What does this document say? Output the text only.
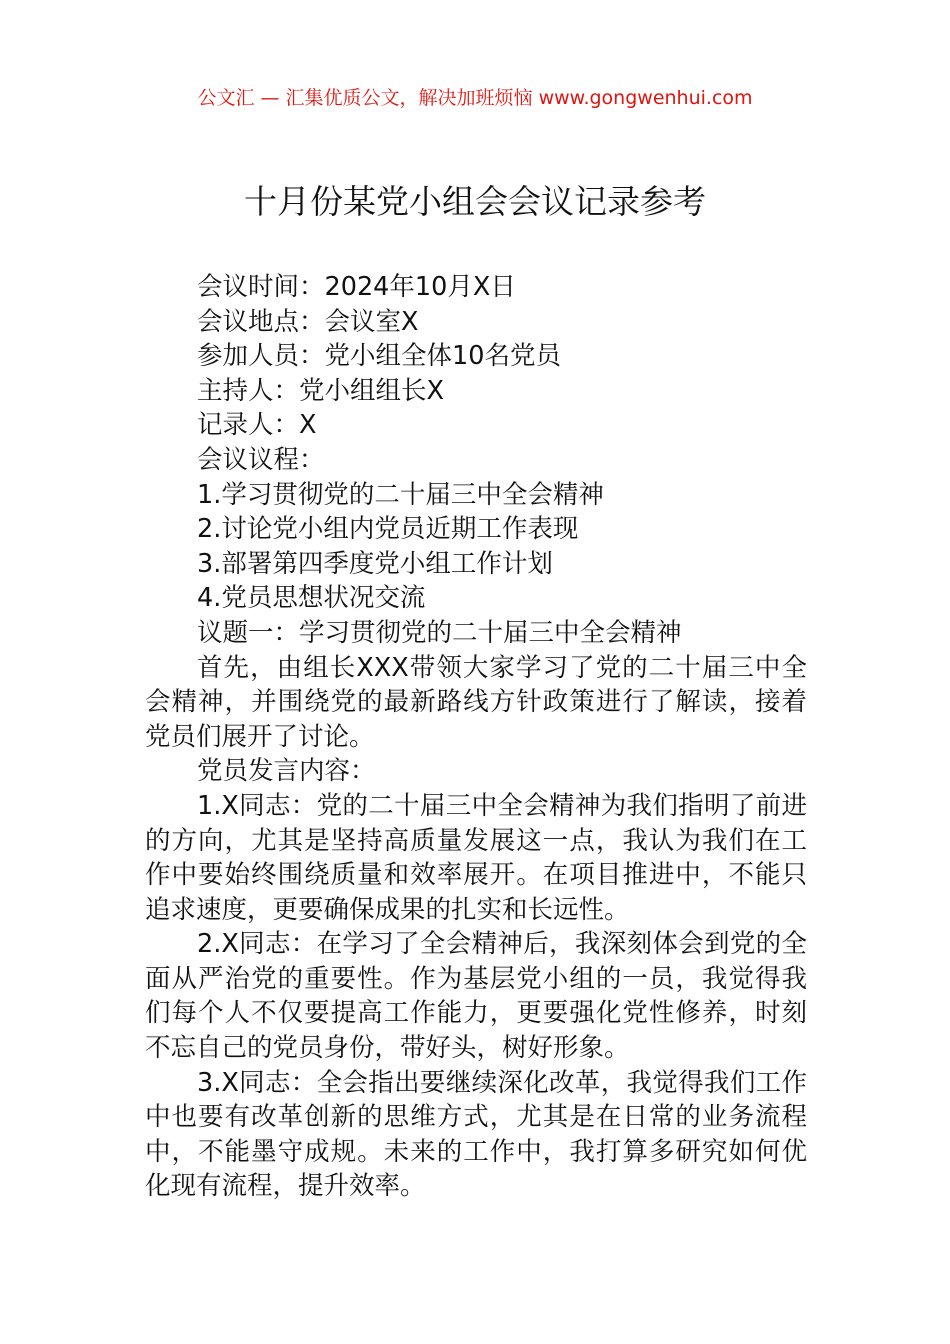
公文汇 — 汇集优质公文，解决加班烦恼 www.gongwenhui.com
十月份某党小组会会议记录参考

会议时间：2024年10月X日

会议地点：会议室X

参加人员：党小组全体10名党员

主持人：党小组组长X

记录人：X

会议议程：

1.学习贯彻党的二十届三中全会精神

2.讨论党小组内党员近期工作表现

3.部署第四季度党小组工作计划

4.党员思想状况交流

议题一：学习贯彻党的二十届三中全会精神

首先，由组长XXX带领大家学习了党的二十届三中全会精神，并围绕党的最新路线方针政策进行了解读，接着党员们展开了讨论。

党员发言内容：

1.X同志：党的二十届三中全会精神为我们指明了前进的方向，尤其是坚持高质量发展这一点，我认为我们在工作中要始终围绕质量和效率展开。在项目推进中，不能只追求速度，更要确保成果的扎实和长远性。

2.X同志：在学习了全会精神后，我深刻体会到党的全面从严治党的重要性。作为基层党小组的一员，我觉得我们每个人不仅要提高工作能力，更要强化党性修养，时刻不忘自己的党员身份，带好头，树好形象。

3.X同志：全会指出要继续深化改革，我觉得我们工作中也要有改革创新的思维方式，尤其是在日常的业务流程中，不能墨守成规。未来的工作中，我打算多研究如何优化现有流程，提升效率。
